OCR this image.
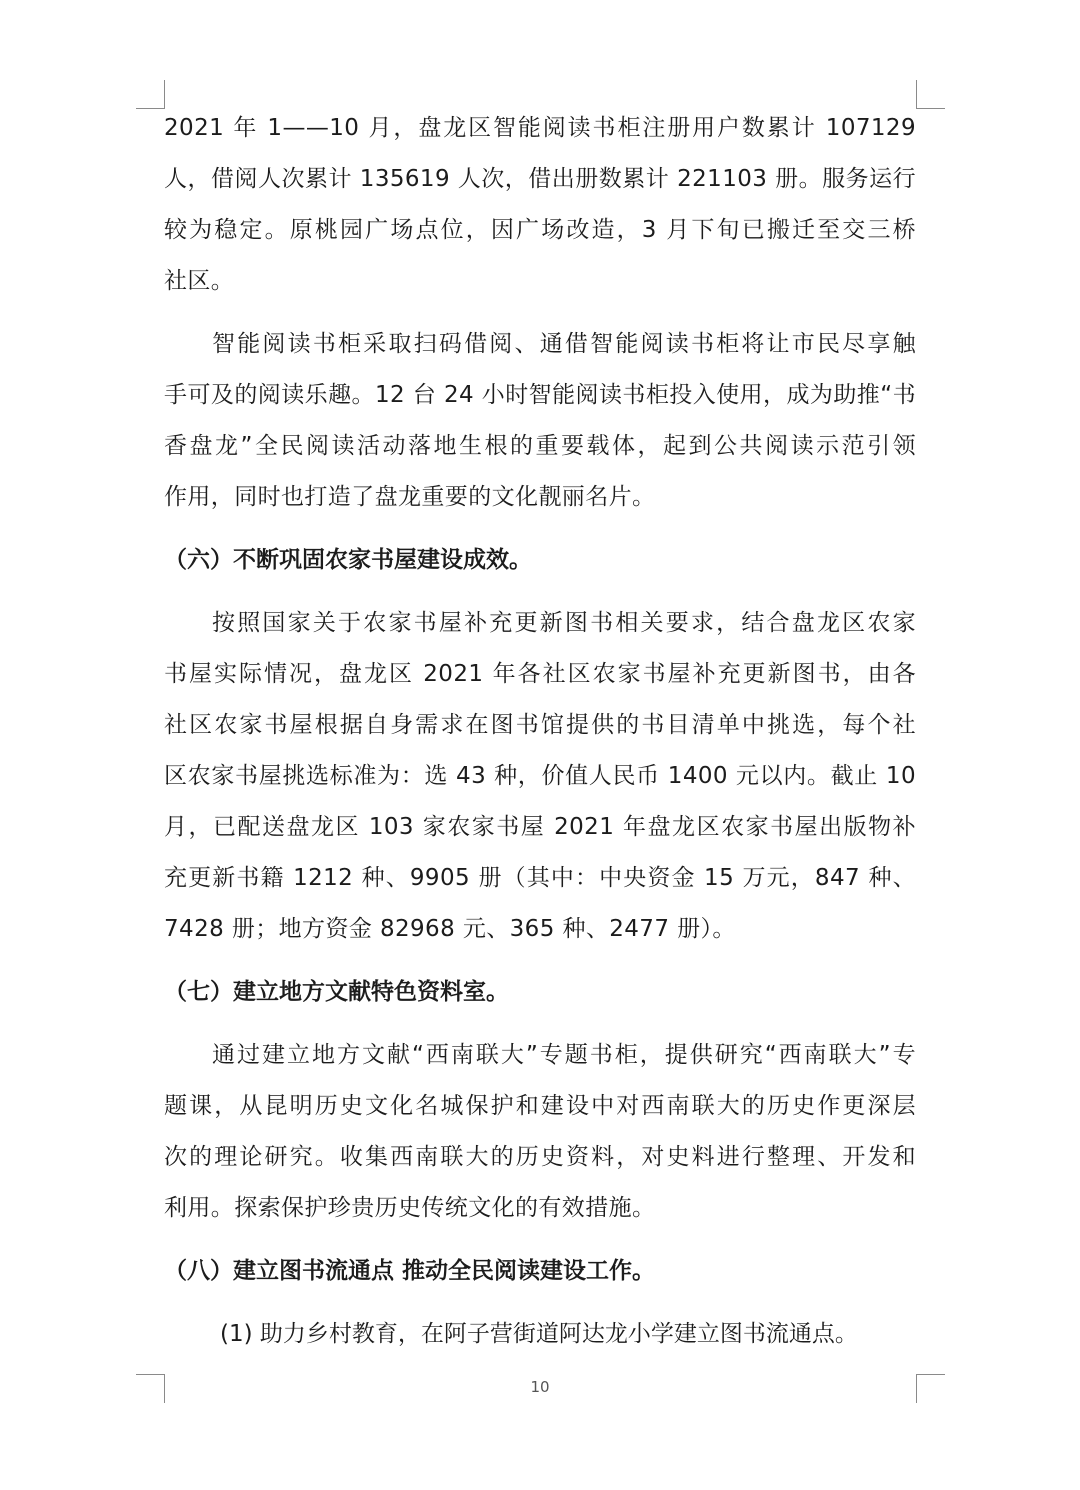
2021 年 1——10 月，盘龙区智能阅读书柜注册用户数累计 107129
人，借阅人次累计 135619 人次，借出册数累计 221103 册。服务运行
较为稳定。原桃园广场点位，因广场改造，3 月下旬已搬迁至交三桥
社区。
智能阅读书柜采取扫码借阅、通借智能阅读书柜将让市民尽享触
手可及的阅读乐趣。12 台 24 小时智能阅读书柜投入使用，成为助推“书
香盘龙”全民阅读活动落地生根的重要载体，起到公共阅读示范引领
作用，同时也打造了盘龙重要的文化靓丽名片。
（六）不断巩固农家书屋建设成效。
按照国家关于农家书屋补充更新图书相关要求，结合盘龙区农家
书屋实际情况，盘龙区 2021 年各社区农家书屋补充更新图书，由各
社区农家书屋根据自身需求在图书馆提供的书目清单中挑选，每个社
区农家书屋挑选标准为：选 43 种，价值人民币 1400 元以内。截止 10
月，已配送盘龙区 103 家农家书屋 2021 年盘龙区农家书屋出版物补
充更新书籍 1212 种、9905 册（其中：中央资金 15 万元，847 种、
7428 册；地方资金 82968 元、365 种、2477 册）。
（七）建立地方文献特色资料室。
通过建立地方文献“西南联大”专题书柜，提供研究“西南联大”专
题课，从昆明历史文化名城保护和建设中对西南联大的历史作更深层
次的理论研究。收集西南联大的历史资料，对史料进行整理、开发和
利用。探索保护珍贵历史传统文化的有效措施。
（八）建立图书流通点 推动全民阅读建设工作。
(1) 助力乡村教育，在阿子营街道阿达龙小学建立图书流通点。
10
